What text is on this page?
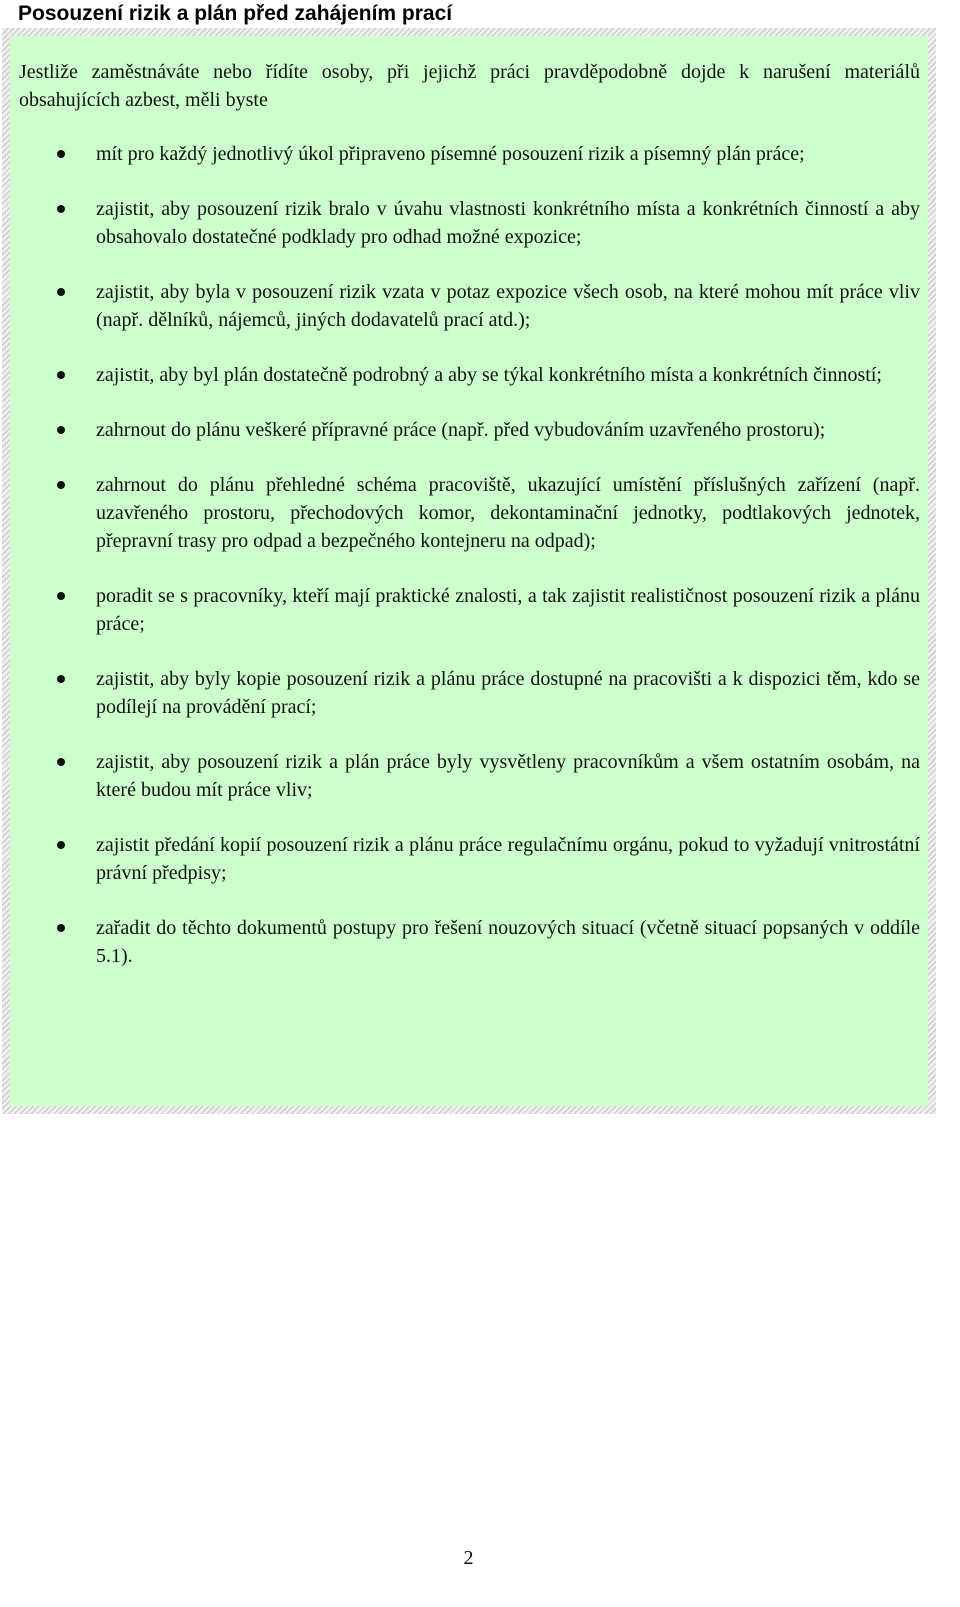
Posouzení rizik a plán před zahájením prací

Jestliže zaměstnáváte nebo řídíte osoby, při jejichž práci pravděpodobně dojde k narušení materiálů obsahujících azbest, měli byste

mít pro každý jednotlivý úkol připraveno písemné posouzení rizik a písemný plán práce;
zajistit, aby posouzení rizik bralo v úvahu vlastnosti konkrétního místa a konkrétních činností a aby obsahovalo dostatečné podklady pro odhad možné expozice;
zajistit, aby byla v posouzení rizik vzata v potaz expozice všech osob, na které mohou mít práce vliv (např. dělníků, nájemců, jiných dodavatelů prací atd.);
zajistit, aby byl plán dostatečně podrobný a aby se týkal konkrétního místa a konkrétních činností;
zahrnout do plánu veškeré přípravné práce (např. před vybudováním uzavřeného prostoru);
zahrnout do plánu přehledné schéma pracoviště, ukazující umístění příslušných zařízení (např. uzavřeného prostoru, přechodových komor, dekontaminační jednotky, podtlakových jednotek, přepravní trasy pro odpad a bezpečného kontejneru na odpad);
poradit se s pracovníky, kteří mají praktické znalosti, a tak zajistit realističnost posouzení rizik a plánu práce;
zajistit, aby byly kopie posouzení rizik a plánu práce dostupné na pracovišti a k dispozici těm, kdo se podílejí na provádění prací;
zajistit, aby posouzení rizik a plán práce byly vysvětleny pracovníkům a všem ostatním osobám, na které budou mít práce vliv;
zajistit předání kopií posouzení rizik a plánu práce regulačnímu orgánu, pokud to vyžadují vnitrostátní právní předpisy;
zařadit do těchto dokumentů postupy pro řešení nouzových situací (včetně situací popsaných v oddíle 5.1).
2
